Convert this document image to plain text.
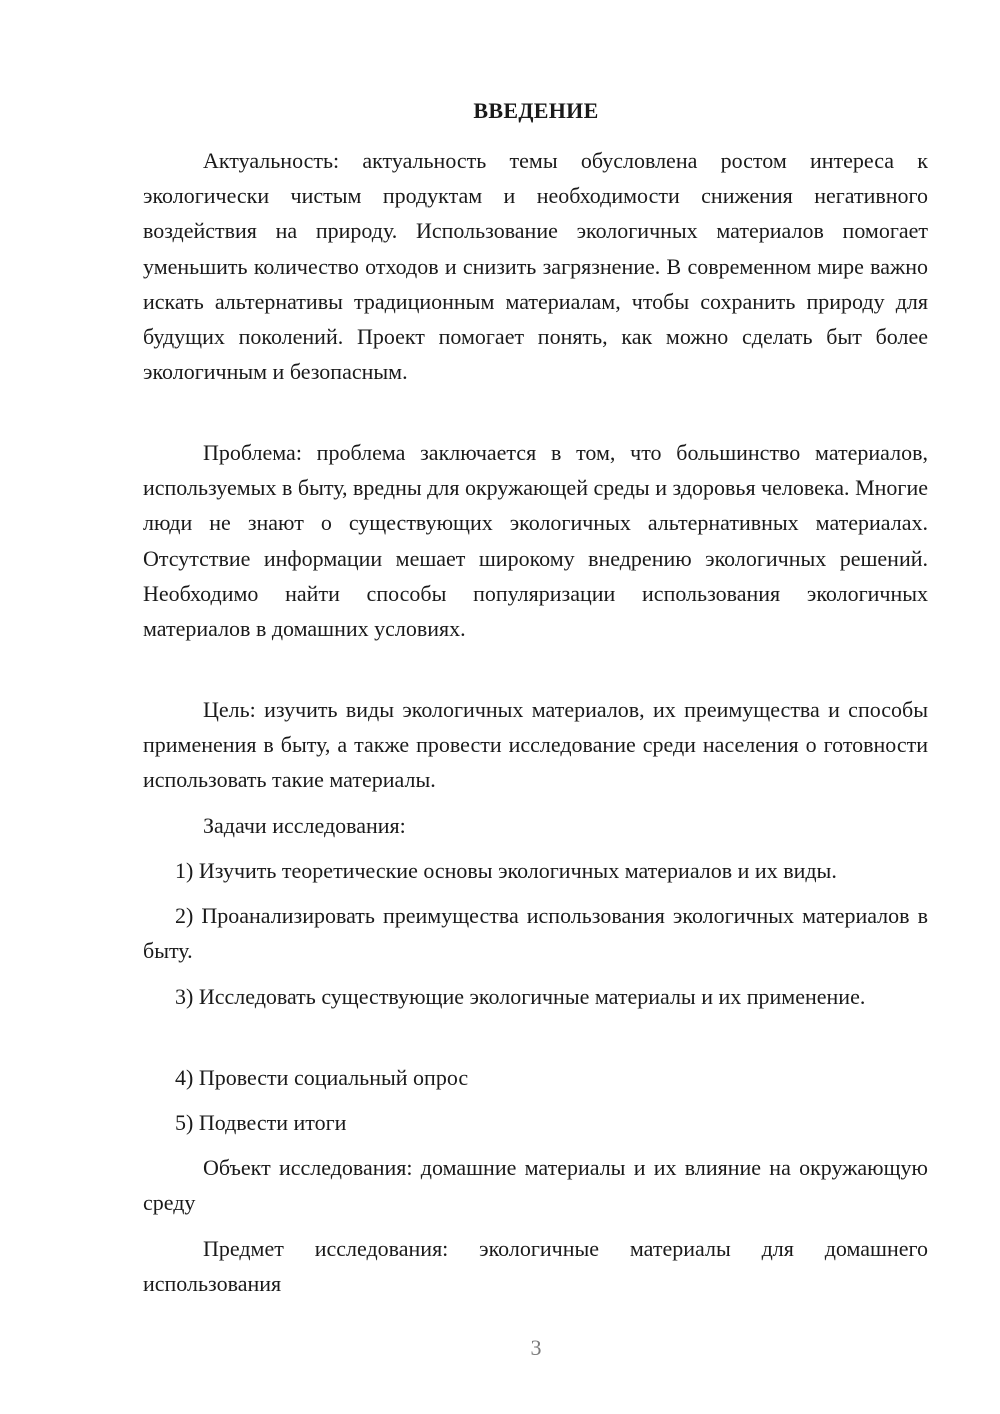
ВВЕДЕНИЕ

Актуальность: актуальность темы обусловлена ростом интереса к экологически чистым продуктам и необходимости снижения негативного воздействия на природу. Использование экологичных материалов помогает уменьшить количество отходов и снизить загрязнение. В современном мире важно искать альтернативы традиционным материалам, чтобы сохранить природу для будущих поколений. Проект помогает понять, как можно сделать быт более экологичным и безопасным.

Проблема: проблема заключается в том, что большинство материалов, используемых в быту, вредны для окружающей среды и здоровья человека. Многие люди не знают о существующих экологичных альтернативных материалах. Отсутствие информации мешает широкому внедрению экологичных решений. Необходимо найти способы популяризации использования экологичных материалов в домашних условиях.

Цель: изучить виды экологичных материалов, их преимущества и способы применения в быту, а также провести исследование среди населения о готовности использовать такие материалы.

Задачи исследования:

1) Изучить теоретические основы экологичных материалов и их виды.

2) Проанализировать преимущества использования экологичных материалов в быту.

3) Исследовать существующие экологичные материалы и их применение.

4) Провести социальный опрос

5) Подвести итоги

Объект исследования: домашние материалы и их влияние на окружающую среду

Предмет исследования: экологичные материалы для домашнего использования

3
